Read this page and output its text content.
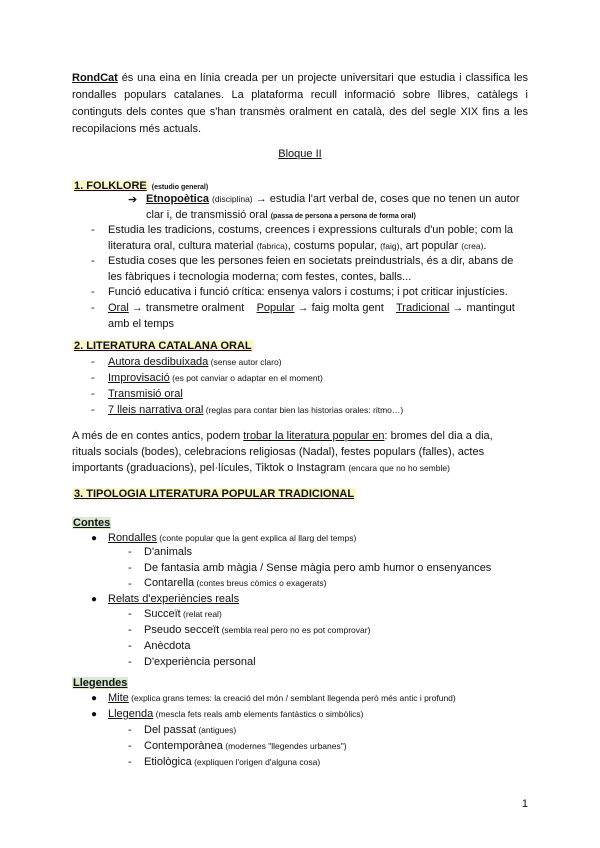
RondCat és una eina en línia creada per un projecte universitari que estudia i classifica les rondalles populars catalanes. La plataforma recull informació sobre llibres, catàlegs i continguts dels contes que s'han transmès oralment en català, des del segle XIX fins a les recopilacions més actuals.

Bloque II
1. FOLKLORE (estudio general)
➔ Etnopoètica (disciplina) → estudia l'art verbal de, coses que no tenen un autor
clar i, de transmissió oral (passa de persona a persona de forma oral)
- Estudia les tradicions, costums, creences i expressions culturals d'un poble; com la
literatura oral, cultura material (fabrica), costums popular, (faig), art popular (crea).
- Estudia coses que les persones feien en societats preindustrials, és a dir, abans de
les fàbriques i tecnologia moderna; com festes, contes, balls...
- Funció educativa i funció crítica: ensenya valors i costums; i pot criticar injustícies.
- Oral → transmetre oralment Popular → faig molta gent Tradicional → mantingut
amb el temps
2. LITERATURA CATALANA ORAL
- Autora desdibuixada (sense autor claro)
- Improvisació (es pot canviar o adaptar en el moment)
- Transmisió oral
- 7 lleis narrativa oral (reglas para contar bien las historias orales: ritmo…)
A més de en contes antics, podem trobar la literatura popular en: bromes del dia a dia,
rituals socials (bodes), celebracions religiosas (Nadal), festes populars (falles), actes
importants (graduacions), pel·lícules, Tiktok o Instagram (encara que no ho semble)
3. TIPOLOGIA LITERATURA POPULAR TRADICIONAL
Contes
● Rondalles (conte popular que la gent explica al llarg del temps)
- D'animals
- De fantasia amb màgia / Sense màgia pero amb humor o ensenyances
- Contarella (contes breus còmics o exagerats)
● Relats d'experiències reals
- Succeït (relat real)
- Pseudo secceït (sembla real pero no es pot comprovar)
- Anècdota
- D'experiència personal
Llegendes
● Mite (explica grans temes: la creació del món / semblant llegenda però més antic i profund)
● Llegenda (mescla fets reals amb elements fantàstics o simbòlics)
- Del passat (antigues)
- Contemporànea (modernes "llegendes urbanes")
- Etiològica (expliquen l'origen d'alguna cosa)
1
